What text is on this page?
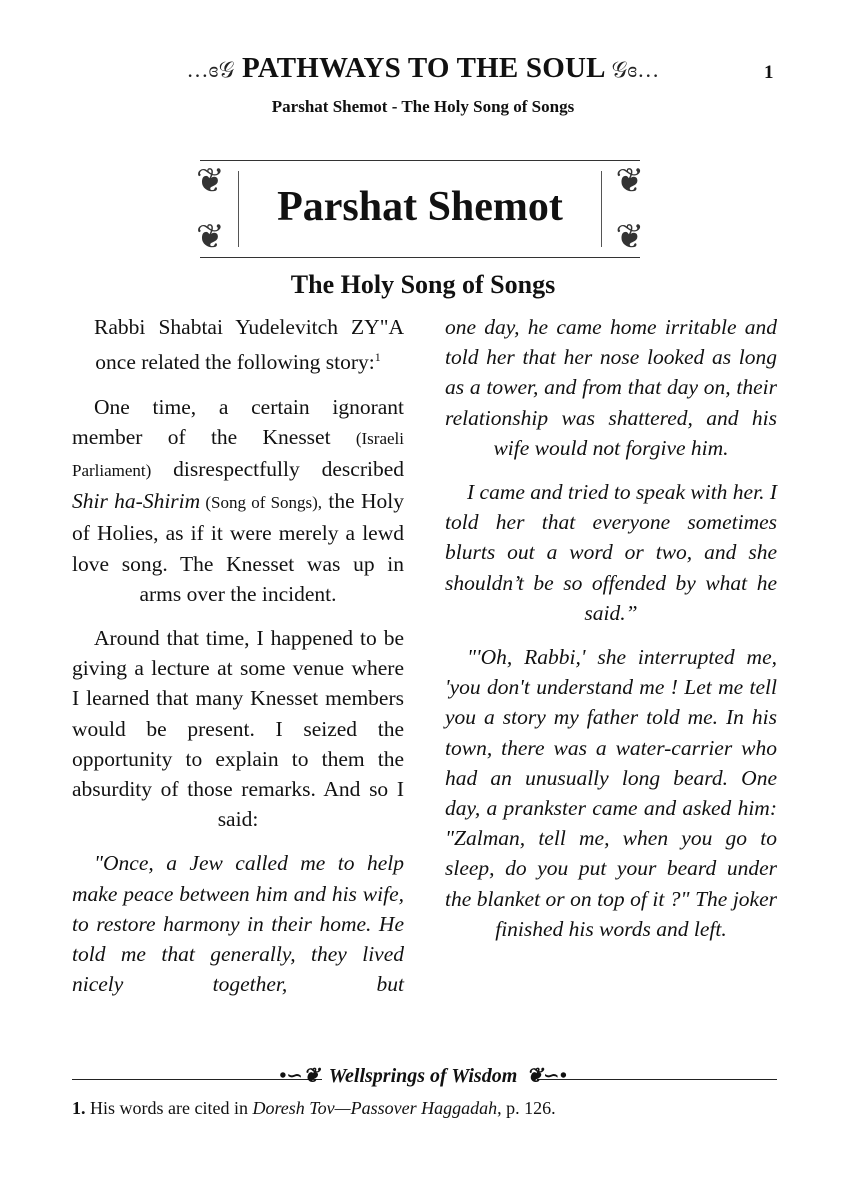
…ɞ𝒢 PATHWAYS TO THE SOUL 𝒢ɞ…	1
Parshat Shemot - The Holy Song of Songs
❦	❦
❦	❦
Parshat Shemot
The Holy Song of Songs

Rabbi Shabtai Yudelevitch ZY"A once related the following story:$^1$

One time, a certain ignorant member of the Knesset (Israeli Parliament) disrespectfully described Shir ha-Shirim (Song of Songs), the Holy of Holies, as if it were merely a lewd love song. The Knesset was up in arms over the incident.

Around that time, I happened to be giving a lecture at some venue where I learned that many Knesset members would be present. I seized the opportunity to explain to them the absurdity of those remarks. And so I said:

"Once, a Jew called me to help make peace between him and his wife, to restore harmony in their home. He told me that generally, they lived nicely together, but

one day, he came home irritable and told her that her nose looked as long as a tower, and from that day on, their relationship was shattered, and his wife would not forgive him.

I came and tried to speak with her. I told her that everyone sometimes blurts out a word or two, and she shouldn’t be so offended by what he said.”

"'Oh, Rabbi,' she interrupted me, 'you don't understand me ! Let me tell you a story my father told me. In his town, there was a water-carrier who had an unusually long beard. One day, a prankster came and asked him: "Zalman, tell me, when you go to sleep, do you put your beard under the blanket or on top of it ?" The joker finished his words and left.

•∽❦ Wellsprings of Wisdom ❦∽•
1. His words are cited in Doresh Tov—Passover Haggadah, p. 126.
